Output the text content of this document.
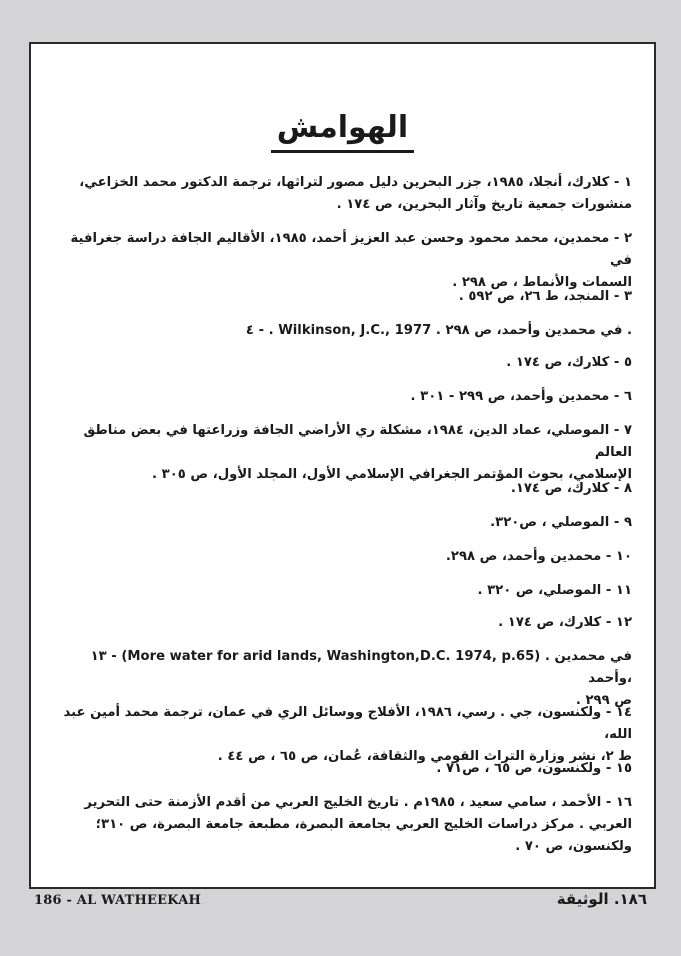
الهوامش
١ - كلارك، أنجلا، ١٩٨٥، جزر البحرين دليل مصور لتراثها، ترجمة الدكتور محمد الخزاعي،
منشورات جمعية تاريخ وآثار البحرين، ص ١٧٤ .
٢ - محمدين، محمد محمود وحسن عبد العزيز أحمد، ١٩٨٥، الأقاليم الجافة دراسة جغرافية في
السمات والأنماط ، ص ٢٩٨ .
٣ - المنجد، ط ٢٦، ص ٥٩٢ .
٤ - . Wilkinson, J.C., 1977 . في محمدين وأحمد، ص ٢٩٨ .
٥ - كلارك، ص ١٧٤ .
٦ - محمدين وأحمد، ص ٢٩٩ - ٣٠١ .
٧ - الموصلي، عماد الدين، ١٩٨٤، مشكلة ري الأراضي الجافة وزراعتها في بعض مناطق العالم
الإسلامي، بحوث المؤتمر الجغرافي الإسلامي الأول، المجلد الأول، ص ٣٠٥ .
٨ - كلارك، ص ١٧٤.
٩ - الموصلي ، ص٣٢٠.
١٠ - محمدين وأحمد، ص ٢٩٨.
١١ - الموصلي، ص ٣٢٠ .
١٢ - كلارك، ص ١٧٤ .
١٣ - (More water for arid lands, Washington,D.C. 1974, p.65) . في محمدين وأحمد،
ص ٢٩٩ .
١٤ - ولكنسون، جي . رسي، ١٩٨٦، الأفلاج ووسائل الري في عمان، ترجمة محمد أمين عبد الله،
ط ٢، نشر وزارة التراث القومي والثقافة، عُمان، ص ٦٥ ، ص ٤٤ .
١٥ - ولكنسون، ص ٦٥ ، ص٧١ .
١٦ - الأحمد ، سامي سعيد ، ١٩٨٥م . تاريخ الخليج العربي من أقدم الأزمنة حتى التحرير
العربي . مركز دراسات الخليج العربي بجامعة البصرة، مطبعة جامعة البصرة، ص ٣١٠؛
ولكنسون، ص ٧٠ .
186 - AL WATHEEKAH	١٨٦. الوثيقة
